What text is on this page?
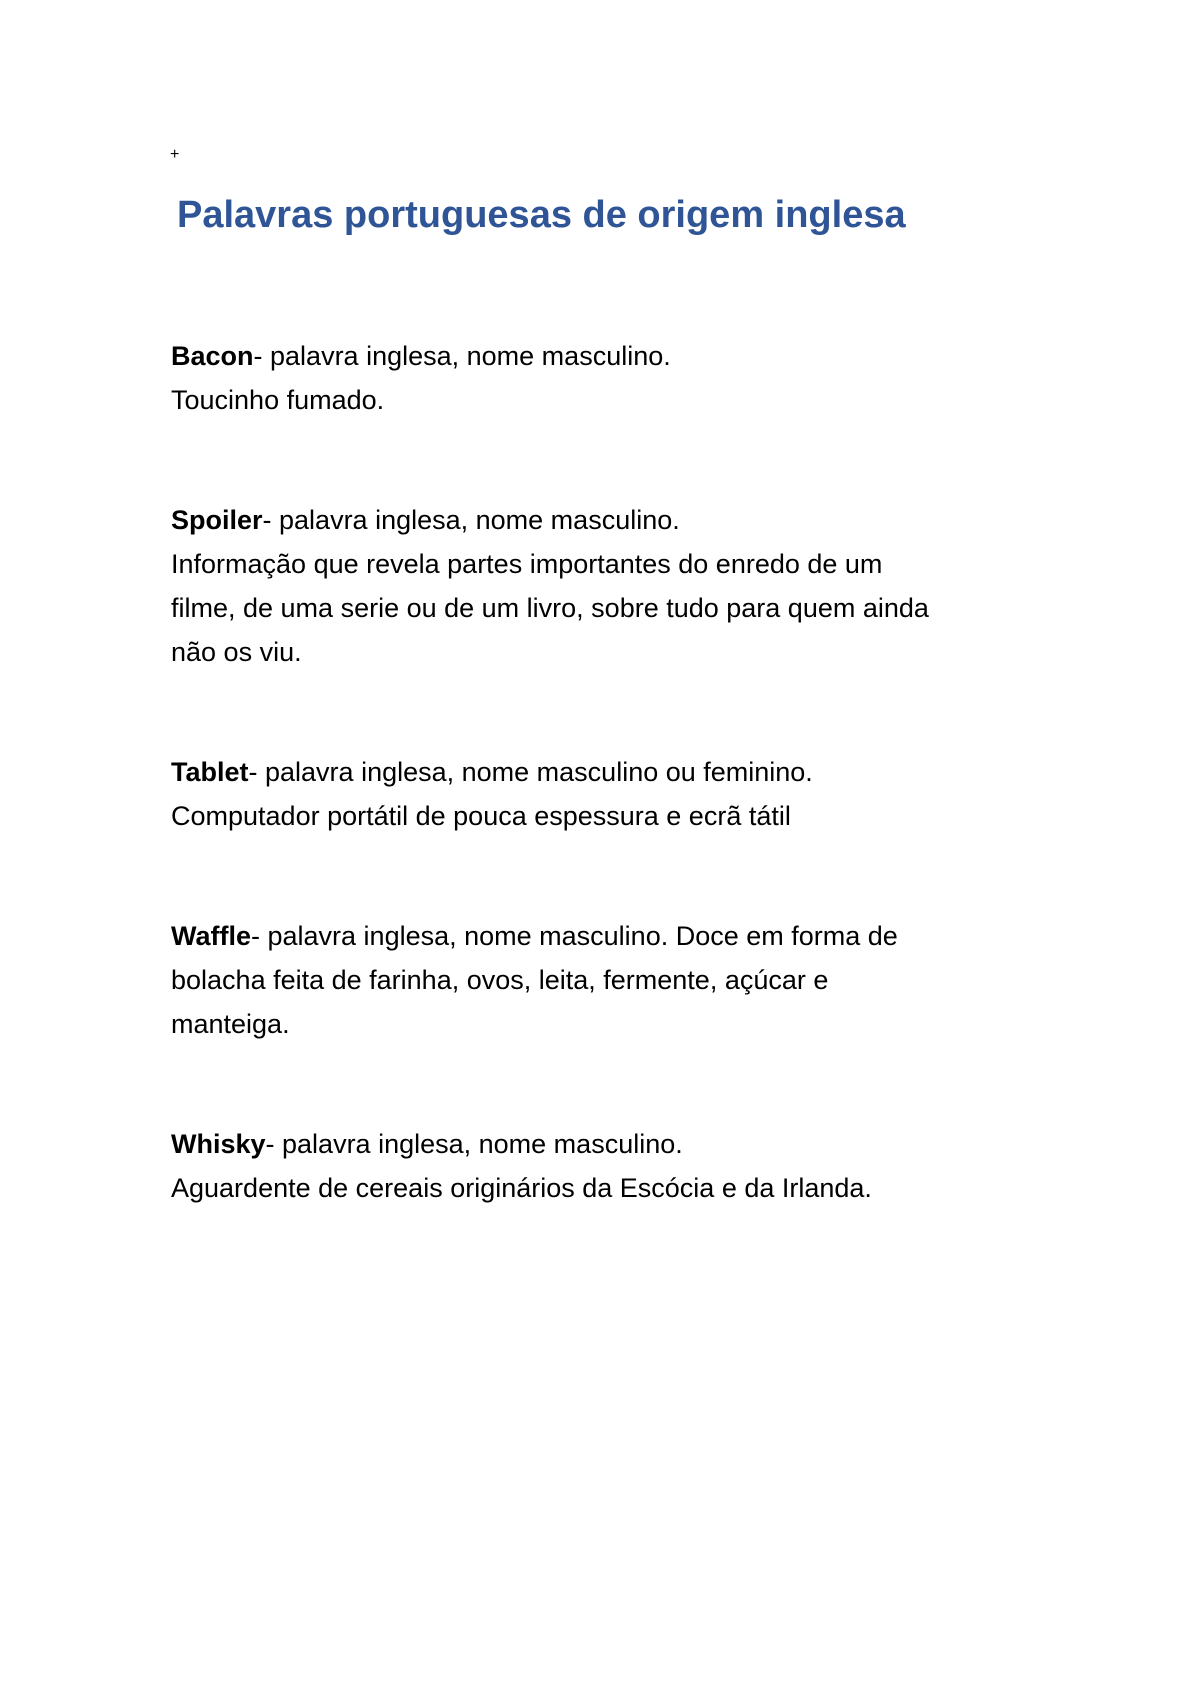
+
Palavras portuguesas de origem inglesa

Bacon- palavra inglesa, nome masculino.
Toucinho fumado.

Spoiler- palavra inglesa, nome masculino.
Informação que revela partes importantes do enredo de um
filme, de uma serie ou de um livro, sobre tudo para quem ainda
não os viu.

Tablet- palavra inglesa, nome masculino ou feminino.
Computador portátil de pouca espessura e ecrã tátil

Waffle- palavra inglesa, nome masculino. Doce em forma de
bolacha feita de farinha, ovos, leita, fermente, açúcar e
manteiga.

Whisky- palavra inglesa, nome masculino.
Aguardente de cereais originários da Escócia e da Irlanda.
